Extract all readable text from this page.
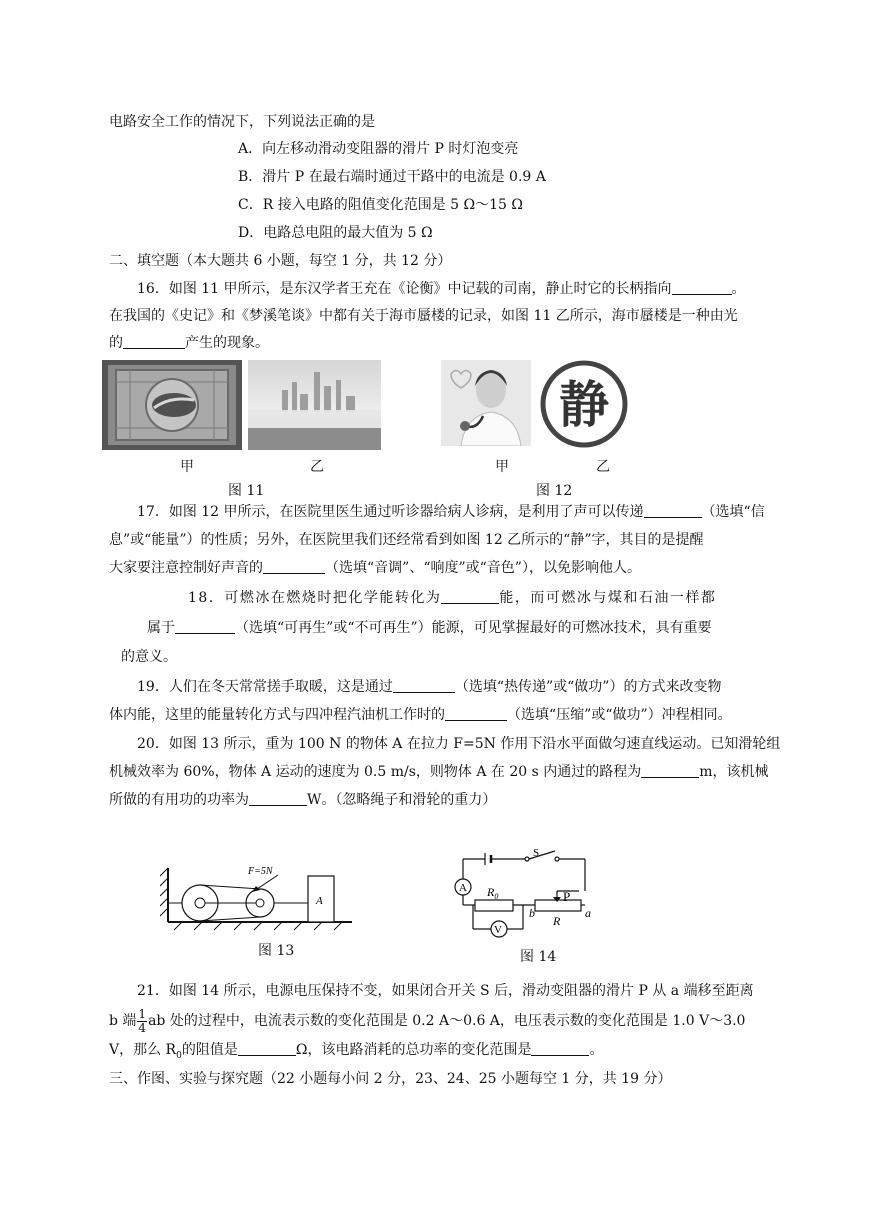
电路安全工作的情况下，下列说法正确的是
A．向左移动滑动变阻器的滑片 P 时灯泡变亮
B．滑片 P 在最右端时通过干路中的电流是 0.9 A
C．R 接入电路的阻值变化范围是 5 Ω～15 Ω
D．电路总电阻的最大值为 5 Ω
二、填空题（本大题共 6 小题，每空 1 分，共 12 分）
16．如图 11 甲所示，是东汉学者王充在《论衡》中记载的司南，静止时它的长柄指向	。
在我国的《史记》和《梦溪笔谈》中都有关于海市蜃楼的记录，如图 11 乙所示，海市蜃楼是一种由光
的	产生的现象。
甲	乙
图 11
静
甲	乙
图 12
17．如图 12 甲所示，在医院里医生通过听诊器给病人诊病，是利用了声可以传递	（选填“信
息”或“能量”）的性质；另外，在医院里我们还经常看到如图 12 乙所示的“静”字，其目的是提醒
大家要注意控制好声音的	（选填“音调”、“响度”或“音色”），以免影响他人。
18．可燃冰在燃烧时把化学能转化为	能，而可燃冰与煤和石油一样都
属于	（选填“可再生”或“不可再生”）能源，可见掌握最好的可燃冰技术，具有重要
的意义。
19．人们在冬天常常搓手取暖，这是通过	（选填“热传递”或“做功”）的方式来改变物
体内能，这里的能量转化方式与四冲程汽油机工作时的	（选填“压缩”或“做功”）冲程相同。
20．如图 13 所示，重为 100 N 的物体 A 在拉力 F=5N 作用下沿水平面做匀速直线运动。已知滑轮组
机械效率为 60%，物体 A 运动的速度为 0.5 m/s，则物体 A 在 20 s 内通过的路程为	m，该机械
所做的有用功的功率为	W。（忽略绳子和滑轮的重力）
F=5N
A
图 13
A
V
S
P
$R_0$
R
b	a
图 14
21．如图 14 所示，电源电压保持不变，如果闭合开关 S 后，滑动变阻器的滑片 P 从 a 端移至距离
b 端 $\frac{1}{4}$ ab 处的过程中，电流表示数的变化范围是 0.2 A～0.6 A，电压表示数的变化范围是 1.0 V～3.0
V，那么 $R_0$的阻值是	Ω，该电路消耗的总功率的变化范围是	。
三、作图、实验与探究题（22 小题每小问 2 分，23、24、25 小题每空 1 分，共 19 分）
